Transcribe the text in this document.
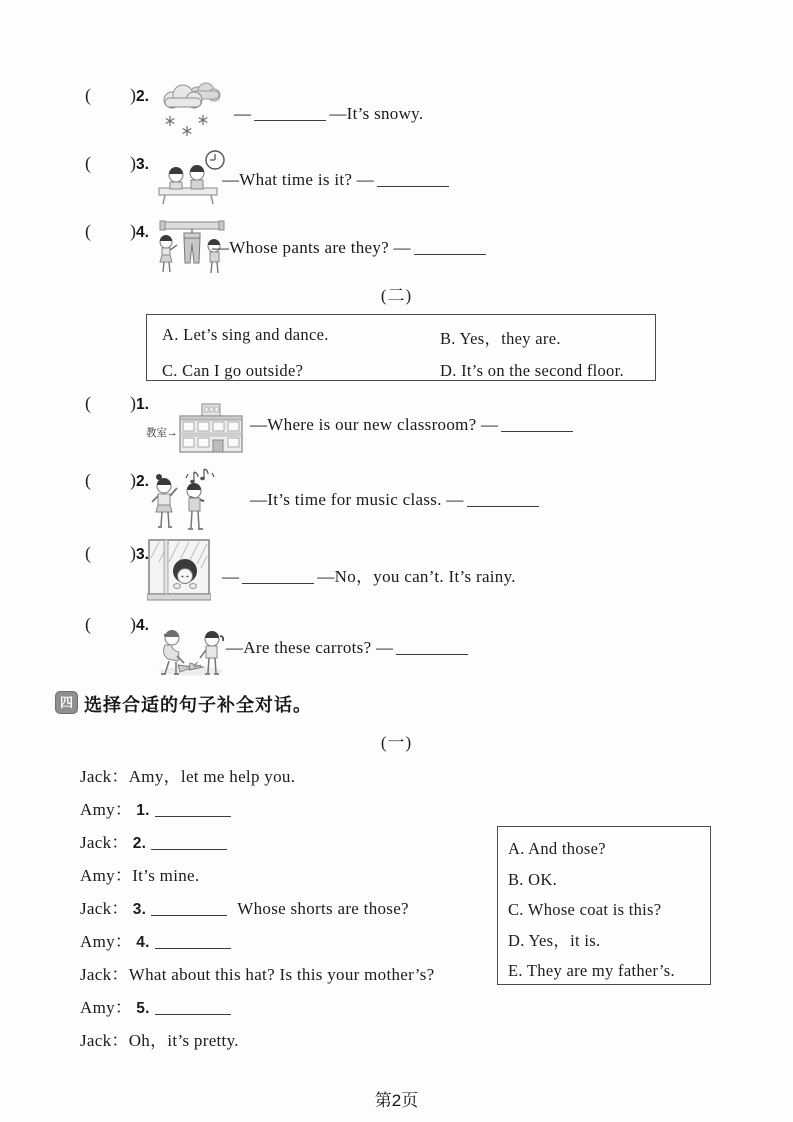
( )2.
—	—It’s snowy.
( )3.
—What time is it? —
( )4.
—Whose pants are they? —
(二)
A. Let’s sing and dance.	B. Yes，they are.
C. Can I go outside?	D. It’s on the second floor.
( )1.
教室→	—Where is our new classroom? —
( )2.
—It’s time for music class. —
( )3.
—	—No，you can’t. It’s rainy.
( )4.
—Are these carrots? —
四 选择合适的句子补全对话。
(一)
Jack：Amy，let me help you.
Amy： 1.
Jack： 2.
Amy：It’s mine.
Jack： 3.	Whose shorts are those?
Amy： 4.
Jack：What about this hat? Is this your mother’s?
Amy： 5.
Jack：Oh，it’s pretty.
A. And those?
B. OK.
C. Whose coat is this?
D. Yes，it is.
E. They are my father’s.
第2页
